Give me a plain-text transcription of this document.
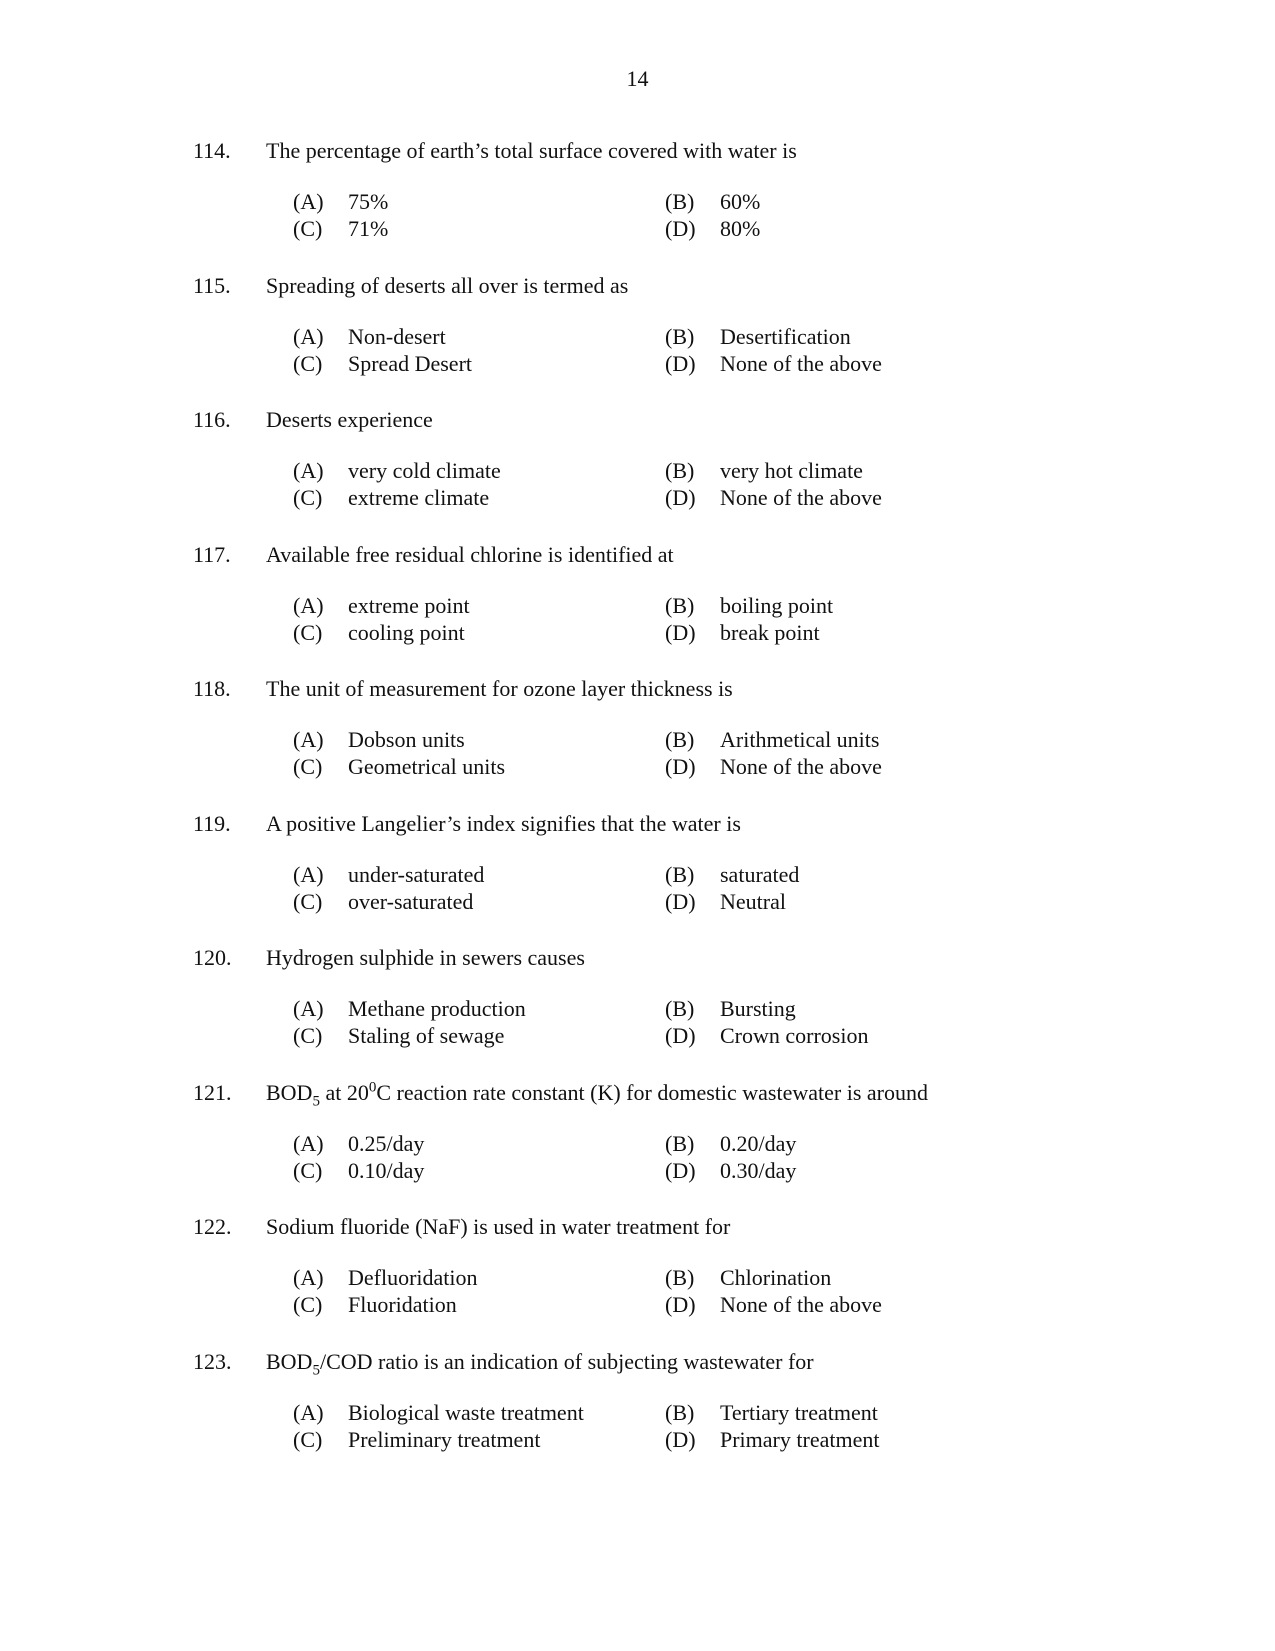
14
114. The percentage of earth’s total surface covered with water is
(A) 75%	(B) 60%
(C) 71%	(D) 80%
115. Spreading of deserts all over is termed as
(A) Non-desert	(B) Desertification
(C) Spread Desert	(D) None of the above
116. Deserts experience
(A) very cold climate	(B) very hot climate
(C) extreme climate	(D) None of the above
117. Available free residual chlorine is identified at
(A) extreme point	(B) boiling point
(C) cooling point	(D) break point
118. The unit of measurement for ozone layer thickness is
(A) Dobson units	(B) Arithmetical units
(C) Geometrical units	(D) None of the above
119. A positive Langelier’s index signifies that the water is
(A) under-saturated	(B) saturated
(C) over-saturated	(D) Neutral
120. Hydrogen sulphide in sewers causes
(A) Methane production	(B) Bursting
(C) Staling of sewage	(D) Crown corrosion
121. $BOD_5$ at $20^0C$ reaction rate constant (K) for domestic wastewater is around
(A) 0.25/day	(B) 0.20/day
(C) 0.10/day	(D) 0.30/day
122. Sodium fluoride (NaF) is used in water treatment for
(A) Defluoridation	(B) Chlorination
(C) Fluoridation	(D) None of the above
123. $BOD_5$/COD ratio is an indication of subjecting wastewater for
(A) Biological waste treatment	(B) Tertiary treatment
(C) Preliminary treatment	(D) Primary treatment
